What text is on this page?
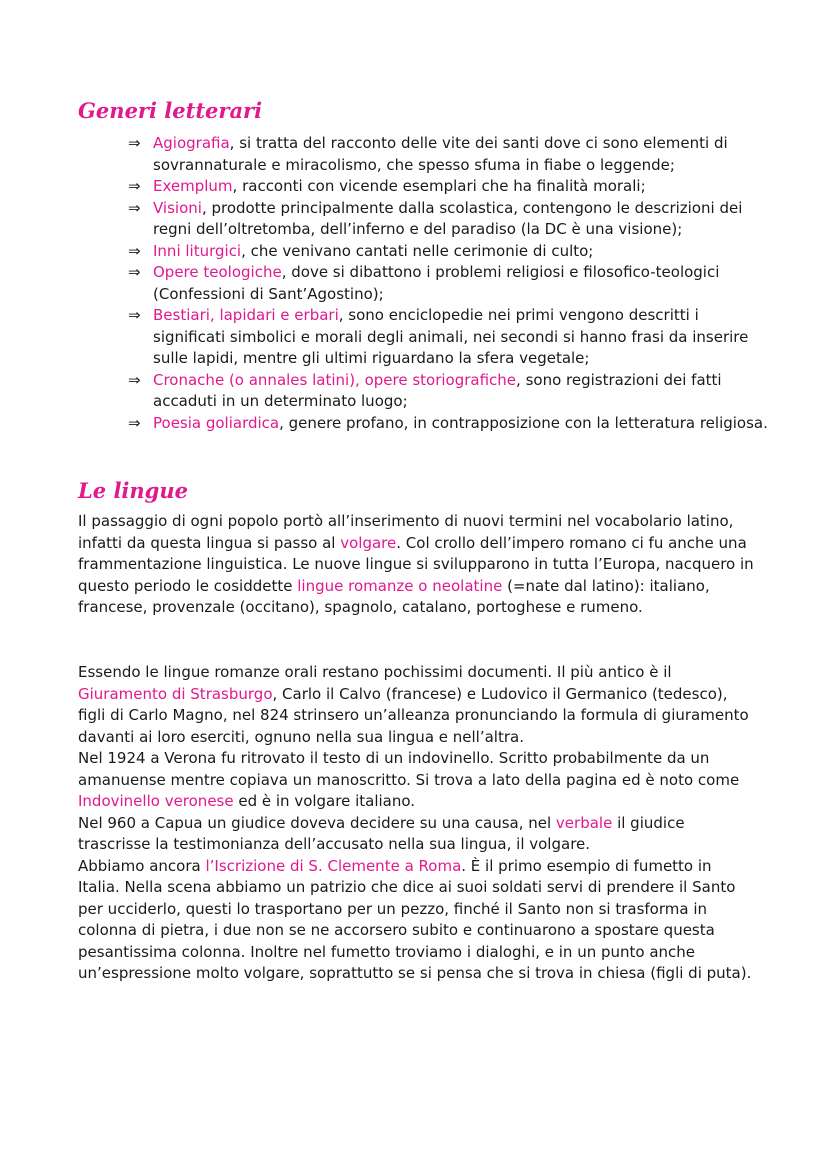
Generi letterari
⇒ Agiografia, si tratta del racconto delle vite dei santi dove ci sono elementi di sovrannaturale e miracolismo, che spesso sfuma in fiabe o leggende;
⇒ Exemplum, racconti con vicende esemplari che ha finalità morali;
⇒ Visioni, prodotte principalmente dalla scolastica, contengono le descrizioni dei regni dell’oltretomba, dell’inferno e del paradiso (la DC è una visione);
⇒ Inni liturgici, che venivano cantati nelle cerimonie di culto;
⇒ Opere teologiche, dove si dibattono i problemi religiosi e filosofico-teologici (Confessioni di Sant’Agostino);
⇒ Bestiari, lapidari e erbari, sono enciclopedie nei primi vengono descritti i significati simbolici e morali degli animali, nei secondi si hanno frasi da inserire sulle lapidi, mentre gli ultimi riguardano la sfera vegetale;
⇒ Cronache (o annales latini), opere storiografiche, sono registrazioni dei fatti accaduti in un determinato luogo;
⇒ Poesia goliardica, genere profano, in contrapposizione con la letteratura religiosa.
Le lingue

Il passaggio di ogni popolo portò all’inserimento di nuovi termini nel vocabolario latino, infatti da questa lingua si passo al volgare. Col crollo dell’impero romano ci fu anche una frammentazione linguistica. Le nuove lingue si svilupparono in tutta l’Europa, nacquero in questo periodo le cosiddette lingue romanze o neolatine (=nate dal latino): italiano, francese, provenzale (occitano), spagnolo, catalano, portoghese e rumeno.

Essendo le lingue romanze orali restano pochissimi documenti. Il più antico è il Giuramento di Strasburgo, Carlo il Calvo (francese) e Ludovico il Germanico (tedesco), figli di Carlo Magno, nel 824 strinsero un’alleanza pronunciando la formula di giuramento davanti ai loro eserciti, ognuno nella sua lingua e nell’altra.
Nel 1924 a Verona fu ritrovato il testo di un indovinello. Scritto probabilmente da un amanuense mentre copiava un manoscritto. Si trova a lato della pagina ed è noto come Indovinello veronese ed è in volgare italiano.
Nel 960 a Capua un giudice doveva decidere su una causa, nel verbale il giudice trascrisse la testimonianza dell’accusato nella sua lingua, il volgare.
Abbiamo ancora l’Iscrizione di S. Clemente a Roma. È il primo esempio di fumetto in Italia. Nella scena abbiamo un patrizio che dice ai suoi soldati servi di prendere il Santo per ucciderlo, questi lo trasportano per un pezzo, finché il Santo non si trasforma in colonna di pietra, i due non se ne accorsero subito e continuarono a spostare questa pesantissima colonna. Inoltre nel fumetto troviamo i dialoghi, e in un punto anche un’espressione molto volgare, soprattutto se si pensa che si trova in chiesa (figli di puta).
